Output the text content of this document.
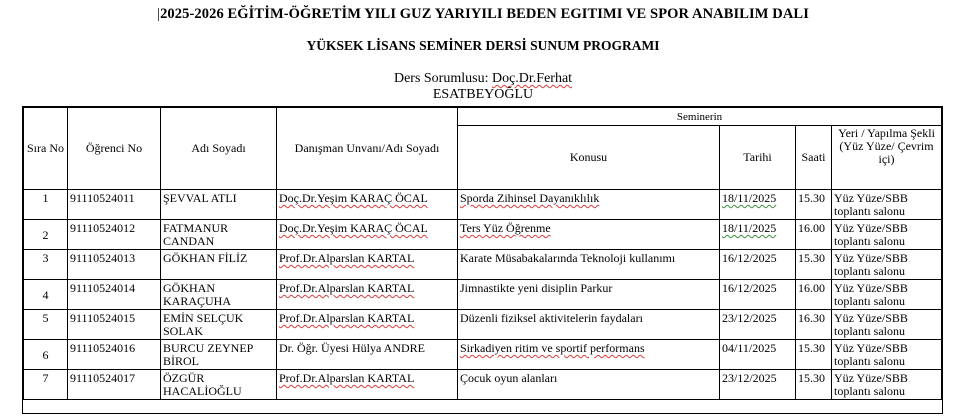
|2025-2026 EĞİTİM-ÖĞRETİM YILI GUZ YARIYILI BEDEN EGITIMI VE SPOR ANABILIM DALI
YÜKSEK LİSANS SEMİNER DERSİ SUNUM PROGRAMI
Ders Sorumlusu: Doç.Dr.Ferhat
ESATBEYOĞLU
Sıra No	Öğrenci No	Adı Soyadı	Danışman Unvanı/Adı Soyadı	Seminerin			
				Konusu	Tarihi	Saati	Yeri / Yapılma Şekli (Yüz Yüze/ Çevrim içi)
1	91110524011	ŞEVVAL ATLI	Doç.Dr.Yeşim KARAÇ ÖCAL	Sporda Zihinsel Dayanıklılık	18/11/2025	15.30	Yüz Yüze/SBB toplantı salonu
2	91110524012	FATMANUR CANDAN	Doç.Dr.Yeşim KARAÇ ÖCAL	Ters Yüz Öğrenme	18/11/2025	16.00	Yüz Yüze/SBB toplantı salonu
3	91110524013	GÖKHAN FİLİZ	Prof.Dr.Alparslan KARTAL	Karate Müsabakalarında Teknoloji kullanımı	16/12/2025	15.30	Yüz Yüze/SBB toplantı salonu
4	91110524014	GÖKHAN KARAÇUHA	Prof.Dr.Alparslan KARTAL	Jimnastikte yeni disiplin Parkur	16/12/2025	16.00	Yüz Yüze/SBB toplantı salonu
5	91110524015	EMİN SELÇUK SOLAK	Prof.Dr.Alparslan KARTAL	Düzenli fiziksel aktivitelerin faydaları	23/12/2025	16.30	Yüz Yüze/SBB toplantı salonu
6	91110524016	BURCU ZEYNEP BİROL	Dr. Öğr. Üyesi Hülya ANDRE	Sirkadiyen ritim ve sportif performans	04/11/2025	15.30	Yüz Yüze/SBB toplantı salonu
7	91110524017	ÖZGÜR HACALİOĞLU	Prof.Dr.Alparslan KARTAL	Çocuk oyun alanları	23/12/2025	15.30	Yüz Yüze/SBB toplantı salonu
